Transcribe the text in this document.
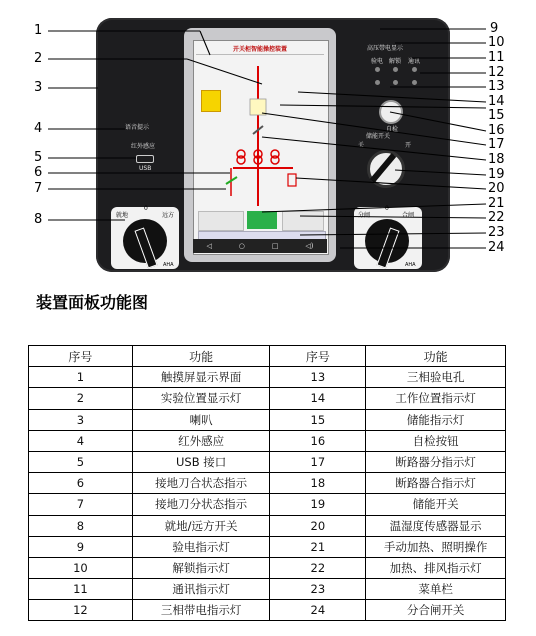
语音提示
红外感应
USB
就地
0
远方
AHA
开关柜智能操控装置
◁	○	□	◁)
高压带电显示
验电 解锁 通讯
自检
储能开关
关	开
分闸
0
合闸
AHA
1
2
3
4
5
6
7
8
9
10
11
12
13
14
15
16
17
18
19
20
21
22
23
24
装置面板功能图
序号	功能	序号	功能
1	触摸屏显示界面	13	三相验电孔
2	实验位置显示灯	14	工作位置指示灯
3	喇叭	15	储能指示灯
4	红外感应	16	自检按钮
5	USB 接口	17	断路器分指示灯
6	接地刀合状态指示	18	断路器合指示灯
7	接地刀分状态指示	19	储能开关
8	就地/远方开关	20	温湿度传感器显示
9	验电指示灯	21	手动加热、照明操作
10	解锁指示灯	22	加热、排风指示灯
11	通讯指示灯	23	菜单栏
12	三相带电指示灯	24	分合闸开关
